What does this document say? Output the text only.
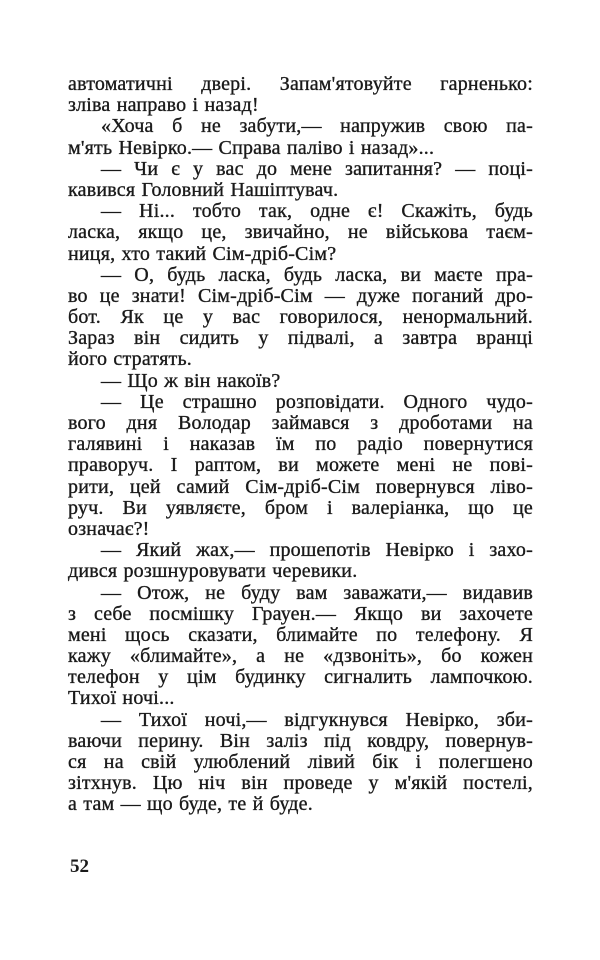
автоматичні двері. Запам'ятовуйте гарненько:
зліва направо і назад!
«Хоча б не забути,— напружив свою па-
м'ять Невірко.— Справа паліво і назад»...
— Чи є у вас до мене запитання? — поці-
кавився Головний Нашіптувач.
— Ні... тобто так, одне є! Скажіть, будь
ласка, якщо це, звичайно, не військова таєм-
ниця, хто такий Сім-дріб-Сім?
— О, будь ласка, будь ласка, ви маєте пра-
во це знати! Сім-дріб-Сім — дуже поганий дро-
бот. Як це у вас говорилося, ненормальний.
Зараз він сидить у підвалі, а завтра вранці
його стратять.
— Що ж він накоїв?
— Це страшно розповідати. Одного чудо-
вого дня Володар займався з дроботами на
галявині і наказав їм по радіо повернутися
праворуч. І раптом, ви можете мені не пові-
рити, цей самий Сім-дріб-Сім повернувся ліво-
руч. Ви уявляєте, бром і валеріанка, що це
означає?!
— Який жах,— прошепотів Невірко і захо-
дився розшнуровувати черевики.
— Отож, не буду вам заважати,— видавив
з себе посмішку Грауен.— Якщо ви захочете
мені щось сказати, блимайте по телефону. Я
кажу «блимайте», а не «дзвоніть», бо кожен
телефон у цім будинку сигналить лампочкою.
Тихої ночі...
— Тихої ночі,— відгукнувся Невірко, зби-
ваючи перину. Він заліз під ковдру, повернув-
ся на свій улюблений лівий бік і полегшено
зітхнув. Цю ніч він проведе у м'якій постелі,
а там — що буде, те й буде.
52
